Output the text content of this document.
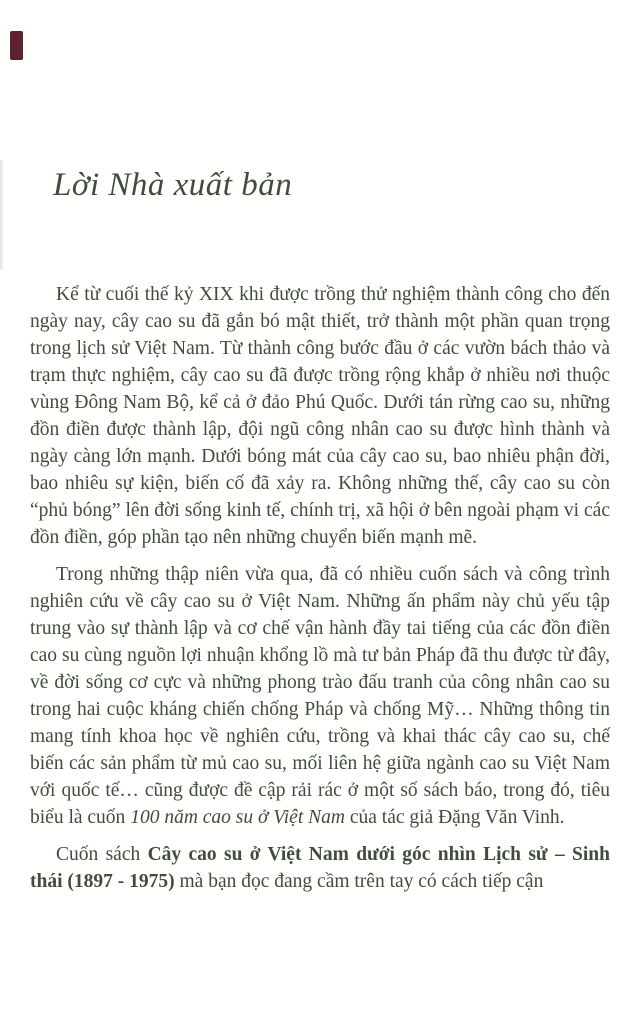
Lời Nhà xuất bản

Kể từ cuối thế kỷ XIX khi được trồng thử nghiệm thành công cho đến ngày nay, cây cao su đã gắn bó mật thiết, trở thành một phần quan trọng trong lịch sử Việt Nam. Từ thành công bước đầu ở các vườn bách thảo và trạm thực nghiệm, cây cao su đã được trồng rộng khắp ở nhiều nơi thuộc vùng Đông Nam Bộ, kể cả ở đảo Phú Quốc. Dưới tán rừng cao su, những đồn điền được thành lập, đội ngũ công nhân cao su được hình thành và ngày càng lớn mạnh. Dưới bóng mát của cây cao su, bao nhiêu phận đời, bao nhiêu sự kiện, biến cố đã xảy ra. Không những thế, cây cao su còn “phủ bóng” lên đời sống kinh tế, chính trị, xã hội ở bên ngoài phạm vi các đồn điền, góp phần tạo nên những chuyển biến mạnh mẽ.

Trong những thập niên vừa qua, đã có nhiều cuốn sách và công trình nghiên cứu về cây cao su ở Việt Nam. Những ấn phẩm này chủ yếu tập trung vào sự thành lập và cơ chế vận hành đầy tai tiếng của các đồn điền cao su cùng nguồn lợi nhuận khổng lồ mà tư bản Pháp đã thu được từ đây, về đời sống cơ cực và những phong trào đấu tranh của công nhân cao su trong hai cuộc kháng chiến chống Pháp và chống Mỹ… Những thông tin mang tính khoa học về nghiên cứu, trồng và khai thác cây cao su, chế biến các sản phẩm từ mủ cao su, mối liên hệ giữa ngành cao su Việt Nam với quốc tế… cũng được đề cập rải rác ở một số sách báo, trong đó, tiêu biểu là cuốn 100 năm cao su ở Việt Nam của tác giả Đặng Văn Vinh.

Cuốn sách Cây cao su ở Việt Nam dưới góc nhìn Lịch sử – Sinh thái (1897 - 1975) mà bạn đọc đang cầm trên tay có cách tiếp cận
